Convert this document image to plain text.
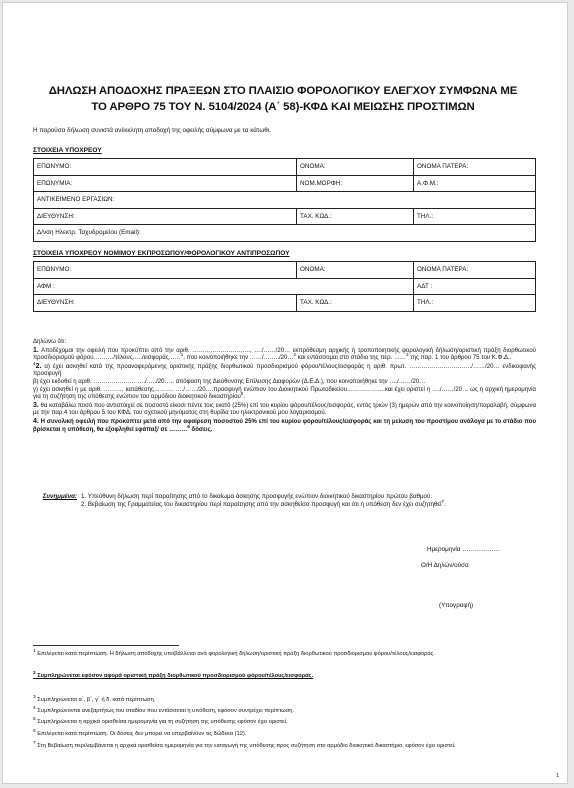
ΔΗΛΩΣΗ ΑΠΟΔΟΧΗΣ ΠΡΑΞΕΩΝ ΣΤΟ ΠΛΑΙΣΙΟ ΦΟΡΟΛΟΓΙΚΟΥ ΕΛΕΓΧΟΥ ΣΥΜΦΩΝΑ ΜΕ
ΤΟ ΑΡΘΡΟ 75 ΤΟΥ Ν. 5104/2024 (Α΄ 58)-ΚΦΔ ΚΑΙ ΜΕΙΩΣΗΣ ΠΡΟΣΤΙΜΩΝ
Η παρούσα δήλωση συνιστά ανέκκλητη αποδοχή της οφειλής σύμφωνα με τα κάτωθι.
ΣΤΟΙΧΕΙΑ ΥΠΟΧΡΕΟΥ
ΕΠΩΝΥΜΟ:	ΟΝΟΜΑ:	ΟΝΟΜΑ ΠΑΤΕΡΑ:
ΕΠΩΝΥΜΙΑ:	ΝΟΜ.ΜΟΡΦΗ:	Α.Φ.Μ.:
ΑΝΤΙΚΕΙΜΕΝΟ ΕΡΓΑΣΙΩΝ:		
ΔΙΕΥΘΥΝΣΗ:	ΤΑΧ. ΚΩΔ.:	ΤΗΛ.:
Δ/νση Ηλεκτρ. Ταχυδρομείου (Email):		
ΣΤΟΙΧΕΙΑ ΥΠΟΧΡΕΟΥ ΝΟΜΙΜΟΥ ΕΚΠΡΟΣΩΠΟΥ/ΦΟΡΟΛΟΓΙΚΟΥ ΑΝΤΙΠΡΟΣΩΠΟΥ
ΕΠΩΝΥΜΟ:	ΟΝΟΜΑ:	ΟΝΟΜΑ ΠΑΤΕΡΑ:
ΑΦΜ :		ΑΔΤ :
ΔΙΕΥΘΥΝΣΗ:	ΤΑΧ. ΚΩΔ.:	ΤΗΛ.:

Δηλώνω ότι:

1. Αποδέχομαι την οφειλή που προκύπτει από την αριθ. ……………………….., …./……/20… εκπρόθεσμη αρχικής ή τροποποιητικής φορολογική δήλωση/οριστική πράξη διορθωτικού προσδιορισμού φόρου………./τέλους…../εισφοράς……$^1$, που κοινοποιήθηκε την ……/……../20…$^2$ και εντάσσομαι στο στάδιο της περ. ……$^3$ της παρ. 1 του άρθρου 75 του Κ.Φ.Δ..

$^4$2. α) έχει ασκηθεί κατά της προαναφερόμενης οριστικής πράξης διορθωτικού προσδιορισμού φόρου/τέλους/εισφοράς η αριθ. πρωτ. …………………………./……/20… ενδικοφανής προσφυγή

β) έχει εκδοθεί η αριθ. ………………… …./…../20….. απόφαση της Διεύθυνσης Επίλυσης Διαφορών (Δ.Ε.Δ.), που κοινοποιήθηκε την …./……/20…

γ) έχει ασκηθεί η με αριθ. ………. κατάθεσης………. …./……/20….προσφυγή ενώπιον του Διοικητικού Πρωτοδικείου……………….και έχει οριστεί η …./……/20… ως η αρχική ημερομηνία για τη συζήτηση της υπόθεσης ενώπιον του αρμόδιου διοικητικού δικαστηρίου$^5$.

3. θα καταβάλω ποσό που αντιστοιχεί σε ποσοστό είκοσι πέντε τοις εκατό (25%) επί του κυρίου φόρου/τέλους/εισφοράς, εντός τριών (3) ημερών από την κοινοποίηση/παραλαβή, σύμφωνα με την παρ.4 του άρθρου 5 του ΚΦΔ, του σχετικού μηνύματος στη θυρίδα του ηλεκτρονικού μου λογαριασμού.

4. Η συνολική οφειλή που προκύπτει μετά από την αφαίρεση ποσοστού 25% επί του κυρίου φόρου/τέλους/εισφοράς και τη μείωση του προστίμου ανάλογα με το στάδιο που βρίσκεται η υπόθεση, θα εξοφληθεί εφάπαξ/ σε ………$^6$ δόσεις.

Συνημμένα: 1. Υπεύθυνη δήλωση περί παραίτησης από το δικαίωμα άσκησης προσφυγής ενώπιον διοικητικού δικαστηρίου πρώτου βαθμού.
2. Βεβαίωση της Γραμματείας του δικαστηρίου περί παραίτησης από την ασκηθείσα προσφυγή και ότι η υπόθεση δεν έχει συζητηθεί$^7$.
Ημερομηνία ………………
Ο/Η Δηλών/ούσα
(Υπογραφή)
$^1$ Επιλέγεται κατά περίπτωση. Η δήλωση αποδοχής υποβάλλεται ανά φορολογική δήλωση/οριστική πράξη διορθωτικού προσδιορισμού φόρου/τέλους/εισφοράς.
$^2$ Συμπληρώνεται εφόσον αφορά οριστική πράξη διορθωτικού προσδιορισμού φόρου/τέλους/εισφοράς.
$^3$ Συμπληρώνεται α΄, β΄, γ΄ ή δ, κατά περίπτωση.
$^4$ Συμπληρώνονται ανεξαρτήτως του σταδίου που εντάσσεται η υπόθεση, εφόσον συντρέχει περίπτωση.
$^5$ Συμπληρώνεται η αρχικά ορισθείσα ημερομηνία για τη συζήτηση της υπόθεσης εφόσον έχει οριστεί.
$^6$ Επιλέγεται κατά περίπτωση. Οι δόσεις δεν μπορεί να υπερβαίνουν τις δώδεκα (12).
$^7$ Στη Βεβαίωση περιλαμβάνεται η αρχικά ορισθείσα ημερομηνία για την εισαγωγή της υπόθεσης προς συζήτηση στο αρμόδιο διοικητικό δικαστήριο, εφόσον έχει οριστεί.
1
